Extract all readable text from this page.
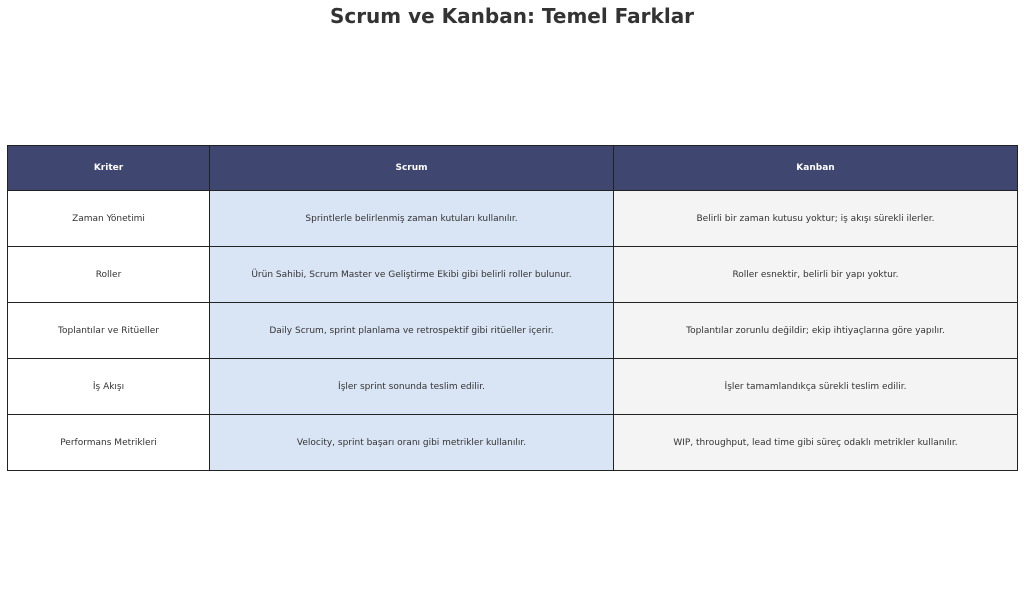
Scrum ve Kanban: Temel Farklar
Kriter	Scrum	Kanban
Zaman Yönetimi	Sprintlerle belirlenmiş zaman kutuları kullanılır.	Belirli bir zaman kutusu yoktur; iş akışı sürekli ilerler.
Roller	Ürün Sahibi, Scrum Master ve Geliştirme Ekibi gibi belirli roller bulunur.	Roller esnektir, belirli bir yapı yoktur.
Toplantılar ve Ritüeller	Daily Scrum, sprint planlama ve retrospektif gibi ritüeller içerir.	Toplantılar zorunlu değildir; ekip ihtiyaçlarına göre yapılır.
İş Akışı	İşler sprint sonunda teslim edilir.	İşler tamamlandıkça sürekli teslim edilir.
Performans Metrikleri	Velocity, sprint başarı oranı gibi metrikler kullanılır.	WIP, throughput, lead time gibi süreç odaklı metrikler kullanılır.
